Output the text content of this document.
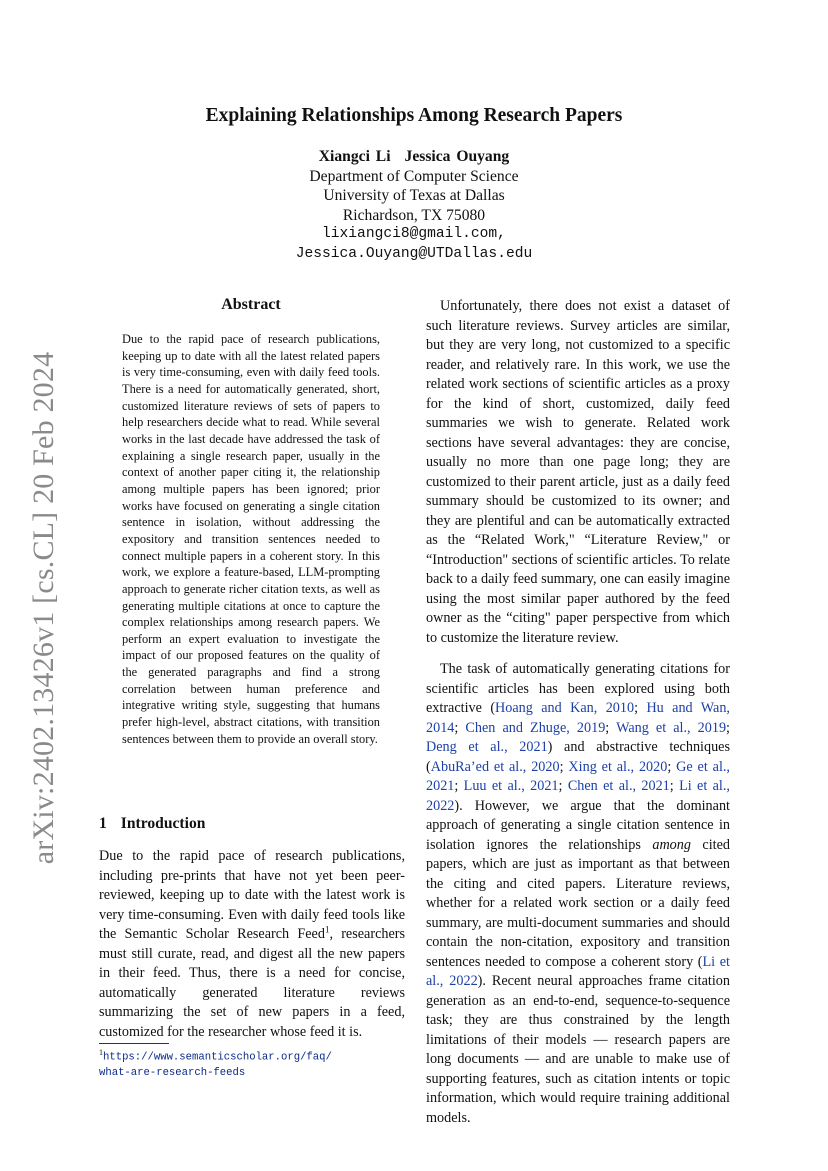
arXiv:2402.13426v1 [cs.CL] 20 Feb 2024
Explaining Relationships Among Research Papers
Xiangci Li Jessica Ouyang
Department of Computer Science
University of Texas at Dallas
Richardson, TX 75080
lixiangci8@gmail.com,
Jessica.Ouyang@UTDallas.edu
Abstract

Due to the rapid pace of research publications, keeping up to date with all the latest related papers is very time-consuming, even with daily feed tools. There is a need for automatically generated, short, customized literature reviews of sets of papers to help researchers decide what to read. While several works in the last decade have addressed the task of explaining a single research paper, usually in the context of another paper citing it, the relationship among multiple papers has been ignored; prior works have focused on generating a single citation sentence in isolation, without addressing the expository and transition sentences needed to connect multiple papers in a coherent story. In this work, we explore a feature-based, LLM-prompting approach to generate richer citation texts, as well as generating multiple citations at once to capture the complex relationships among research papers. We perform an expert evaluation to investigate the impact of our proposed features on the quality of the generated paragraphs and find a strong correlation between human preference and integrative writing style, suggesting that humans prefer high-level, abstract citations, with transition sentences between them to provide an overall story.

1 Introduction

Due to the rapid pace of research publications, including pre-prints that have not yet been peer-reviewed, keeping up to date with the latest work is very time-consuming. Even with daily feed tools like the Semantic Scholar Research Feed$^1$, researchers must still curate, read, and digest all the new papers in their feed. Thus, there is a need for concise, automatically generated literature reviews summarizing the set of new papers in a feed, customized for the researcher whose feed it is.

$^1$https://www.semanticscholar.org/faq/
what-are-research-feeds

Unfortunately, there does not exist a dataset of such literature reviews. Survey articles are similar, but they are very long, not customized to a specific reader, and relatively rare. In this work, we use the related work sections of scientific articles as a proxy for the kind of short, customized, daily feed summaries we wish to generate. Related work sections have several advantages: they are concise, usually no more than one page long; they are customized to their parent article, just as a daily feed summary should be customized to its owner; and they are plentiful and can be automatically extracted as the “Related Work," “Literature Review," or “Introduction" sections of scientific articles. To relate back to a daily feed summary, one can easily imagine using the most similar paper authored by the feed owner as the “citing" paper perspective from which to customize the literature review.

The task of automatically generating citations for scientific articles has been explored using both extractive (Hoang and Kan, 2010; Hu and Wan, 2014; Chen and Zhuge, 2019; Wang et al., 2019; Deng et al., 2021) and abstractive techniques (AbuRa’ed et al., 2020; Xing et al., 2020; Ge et al., 2021; Luu et al., 2021; Chen et al., 2021; Li et al., 2022). However, we argue that the dominant approach of generating a single citation sentence in isolation ignores the relationships among cited papers, which are just as important as that between the citing and cited papers. Literature reviews, whether for a related work section or a daily feed summary, are multi-document summaries and should contain the non-citation, expository and transition sentences needed to compose a coherent story (Li et al., 2022). Recent neural approaches frame citation generation as an end-to-end, sequence-to-sequence task; they are thus constrained by the length limitations of their models — research papers are long documents — and are unable to make use of supporting features, such as citation intents or topic information, which would require training additional models.
